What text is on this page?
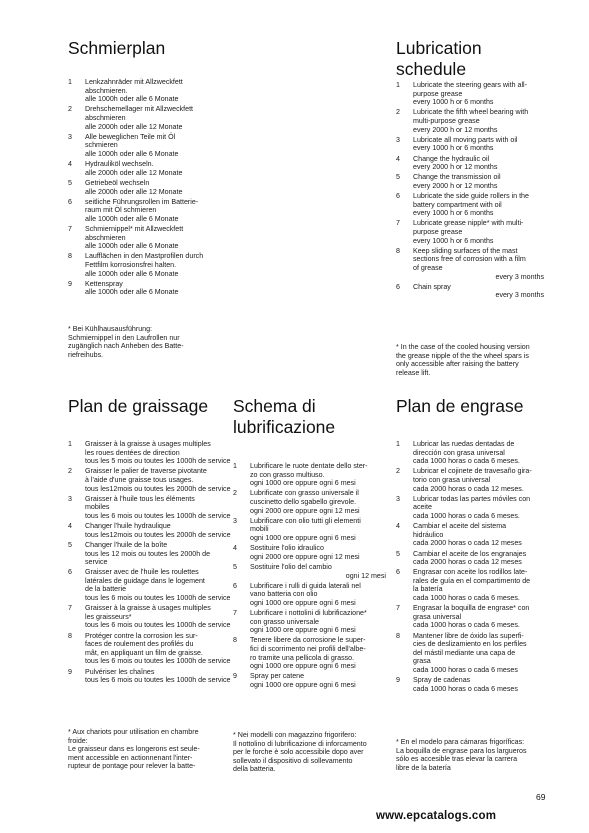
Schmierplan	Lubrication
schedule
Plan de graissage Schema di
lubrificazione
Plan de engrase
1	Lenkzahnräder mit Allzweckfett
abschmieren.
alle 1000h oder alle 6 Monate
2	Drehschemellager mit Allzweckfett
abschmieren
alle 2000h oder alle 12 Monate
3	Alle beweglichen Teile mit Öl
schmieren
alle 1000h oder alle 6 Monate
4	Hydrauliköl wechseln.
alle 2000h oder alle 12 Monate
5	Getriebeöl wechseln
alle 2000h oder alle 12 Monate
6	seitliche Führungsrollen im Batterie-
raum mit Öl schmieren
alle 1000h oder alle 6 Monate
7	Schmiernippel* mit Allzweckfett
abschmieren
alle 1000h oder alle 6 Monate
8	Laufflächen in den Mastprofilen durch
Fettfilm korrosionsfrei halten.
alle 1000h oder alle 6 Monate
9	Kettenspray
alle 1000h oder alle 6 Monate
1	Lubricate the steering gears with all-
purpose grease
every 1000 h or 6 months
2	Lubricate the fifth wheel bearing with
multi-purpose grease
every 2000 h or 12 months
3	Lubricate all moving parts with oil
every 1000 h or 6 months
4	Change the hydraulic oil
every 2000 h or 12 months
5	Change the transmission oil
every 2000 h or 12 months
6	Lubricate the side guide rollers in the
battery compartment with oil
every 1000 h or 6 months
7	Lubricate grease nipple* with multi-
purpose grease
every 1000 h or 6 months
8	Keep sliding surfaces of the mast
sections free of corrosion with a film
of grease
every 3 months
6	Chain spray
every 3 months
1	Graisser à la graisse à usages multiples
les roues dentées de direction
tous les 5 mois ou toutes les 1000h de service
2	Graisser le palier de traverse pivotante
à l'aide d'une graisse tous usages.
tous les12mois ou toutes les 2000h de service
3	Graisser à l'huile tous les éléments
mobiles
tous les 6 mois ou toutes les 1000h de service
4	Changer l'huile hydraulique
tous les12mois ou toutes les 2000h de service
5	Changer l'huile de la boîte
tous les 12 mois ou toutes les 2000h de
service
6	Graisser avec de l'huile les roulettes
latérales de guidage dans le logement
de la batterie
tous les 6 mois ou toutes les 1000h de service
7	Graisser à la graisse à usages multiples
les graisseurs*
tous les 6 mois ou toutes les 1000h de service
8	Protéger contre la corrosion les sur-
faces de roulement des profilés du
mât, en appliquant un film de graisse.
tous les 6 mois ou toutes les 1000h de service
9	Pulvériser les chaînes
tous les 6 mois ou toutes les 1000h de service
1	Lubrificare le ruote dentate dello ster-
zo con grasso multiuso.
ogni 1000 ore oppure ogni 6 mesi
2	Lubrificate con grasso universale il
cuscinetto dello sgabello girevole.
ogni 2000 ore oppure ogni 12 mesi
3	Lubrificare con olio tutti gli elementi
mobili
ogni 1000 ore oppure ogni 6 mesi
4	Sostituire l'olio idraulico
ogni 2000 ore oppure ogni 12 mesi
5	Sostituire l'olio del cambio
ogni 12 mesi
6	Lubrificare i rulli di guida laterali nel
vano batteria con olio
ogni 1000 ore oppure ogni 6 mesi
7	Lubrificare i nottolini di lubrificazione*
con grasso universale
ogni 1000 ore oppure ogni 6 mesi
8	Tenere libere da corrosione le super-
fici di scorrimento nei profili dell'albe-
ro tramite una pellicola di grasso.
ogni 1000 ore oppure ogni 6 mesi
9	Spray per catene
ogni 1000 ore oppure ogni 6 mesi
1	Lubricar las ruedas dentadas de
dirección con grasa universal
cada 1000 horas o cada 6 meses.
2	Lubricar el cojinete de travesaño gira-
torio con grasa universal
cada 2000 horas o cada 12 meses.
3	Lubricar todas las partes móviles con
aceite
cada 1000 horas o cada 6 meses.
4	Cambiar el aceite del sistema
hidráulico
cada 2000 horas o cada 12 meses
5	Cambiar el aceite de los engranajes
cada 2000 horas o cada 12 meses
6	Engrasar con aceite los rodillos late-
rales de guía en el compartimento de
la batería
cada 1000 horas o cada 6 meses.
7	Engrasar la boquilla de engrase* con
grasa universal
cada 1000 horas o cada 6 meses.
8	Mantener libre de óxido las superfi-
cies de deslizamiento en los perfiles
del mástil mediante una capa de
grasa
cada 1000 horas o cada 6 meses
9	Spray de cadenas
cada 1000 horas o cada 6 meses
* Bei Kühlhausausführung:
Schmiernippel in den Laufrollen nur
zugänglich nach Anheben des Batte-
riefreihubs.
* In the case of the cooled housing version
the grease nipple of the the wheel spars is
only accessible after raising the battery
release lift.
* Aux chariots pour utilisation en chambre
froide:
Le graisseur dans es longerons est seule-
ment accessible en actionnenant l'inter-
rupteur de pontage pour relever la batte-
* Nei modelli con magazzino frigorifero:
Il nottolino di lubrificazione di inforcamento
per le forche è solo accessibile dopo aver
sollevato il dispositivo di sollevamento
della batteria.
* En el modelo para cámaras frigoríficas:
La boquilla de engrase para los largueros
sólo es accesible tras elevar la carrera
libre de la batería
69
www.epcatalogs.com
